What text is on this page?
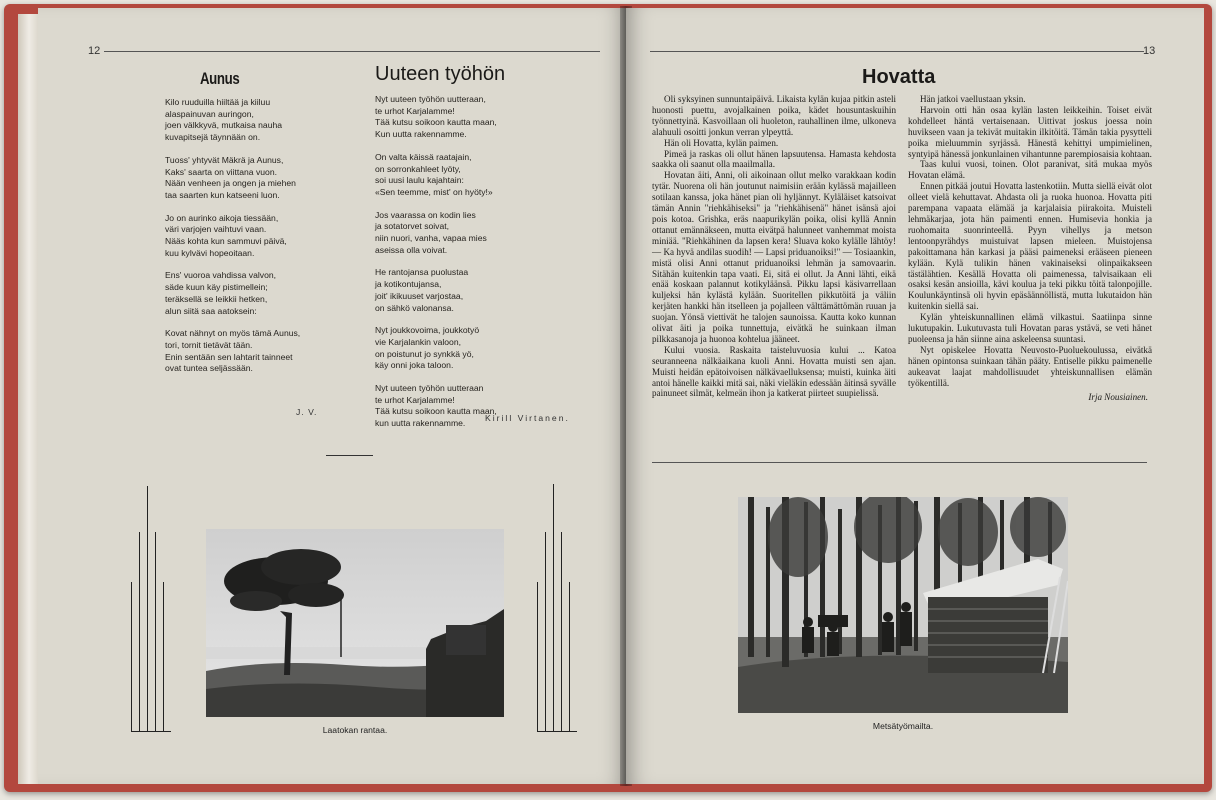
12
Aunus
Kilo ruuduilla hiiltää ja kiiluu
alaspainuvan auringon,
joen välkkyvä, mutkaisa nauha
kuvapitsejä täynnään on.
Tuoss' yhtyvät Mäkrä ja Aunus,
Kaks' saarta on viittana vuon.
Nään venheen ja ongen ja miehen
taa saarten kun katseeni luon.
Jo on aurinko aikoja tiessään,
väri varjojen vaihtuvi vaan.
Nääs kohta kun sammuvi päivä,
kuu kylvävi hopeoitaan.
Ens' vuoroa vahdissa valvon,
säde kuun käy pistimellein;
teräksellä se leikkii hetken,
alun siitä saa aatoksein:
Kovat nähnyt on myös tämä Aunus,
tori, tornit tietävät tään.
Enin sentään sen lahtarit tainneet
ovat tuntea seljässään.
J. V.
Uuteen työhön
Nyt uuteen työhön uutteraan,
te urhot Karjalamme!
Tää kutsu soikoon kautta maan,
Kun uutta rakennamme.
On valta käissä raatajain,
on sorronkahleet lyöty,
soi uusi laulu kajahtain:
«Sen teemme, mist' on hyöty!»
Jos vaarassa on kodin lies
ja sotatorvet soivat,
niin nuori, vanha, vapaa mies
aseissa olla voivat.
He rantojansa puolustaa
ja kotikontujansa,
joit' ikikuuset varjostaa,
on sähkö valonansa.
Nyt joukkovoima, joukkotyö
vie Karjalankin valoon,
on poistunut jo synkkä yö,
käy onni joka taloon.
Nyt uuteen työhön uutteraan
te urhot Karjalamme!
Tää kutsu soikoon kautta maan,
kun uutta rakennamme.
Kirill Virtanen.
Laatokan rantaa.
13
Hovatta

Oli syksyinen sunnuntaipäivä. Likaista kylän kujaa pitkin asteli huonosti puettu, avojalkainen poika, kädet housuntaskuihin työnnettyinä. Kasvoillaan oli huoleton, rauhallinen ilme, ulkoneva alahuuli osoitti jonkun verran ylpeyttä.

Hän oli Hovatta, kylän paimen.

Pimeä ja raskas oli ollut hänen lapsuutensa. Hamasta kehdosta saakka oli saanut olla maailmalla.

Hovatan äiti, Anni, oli aikoinaan ollut melko varakkaan kodin tytär. Nuorena oli hän joutunut naimisiin erään kylässä majailleen sotilaan kanssa, joka hänet pian oli hyljännyt. Kyläläiset katsoivat tämän Annin "riehkähiseksi" ja "riehkähisenä" hänet isänsä ajoi pois kotoa. Grishka, eräs naapurikylän poika, olisi kyllä Annin ottanut emännäkseen, mutta eivätpä halunneet vanhemmat moista miniää. "Riehkähinen da lapsen kera! Sluava koko kylälle lähtöy! — Ka hyvä andilas suodih! — Lapsi priduanoiksi!" — Tosiaankin, mistä olisi Anni ottanut priduanoiksi lehmän ja samovaarin. Sitähän kuitenkin tapa vaati. Ei, sitä ei ollut. Ja Anni lähti, eikä enää koskaan palannut kotikyläänsä. Pikku lapsi käsivarrellaan kuljeksi hän kylästä kylään. Suoritellen pikkutöitä ja väliin kerjäten hankki hän itselleen ja pojalleen välttämättömän ruuan ja suojan. Yönsä viettivät he talojen saunoissa. Kautta koko kunnan olivat äiti ja poika tunnettuja, eivätkä he suinkaan ilman pilkkasanoja ja huonoa kohtelua jääneet.

Kului vuosia. Raskaita taisteluvuosia kului ... Katoa seuranneena nälkäaikana kuoli Anni. Hovatta muisti sen ajan. Muisti heidän epätoivoisen nälkävaelluksensa; muisti, kuinka äiti antoi hänelle kaikki mitä sai, näki vieläkin edessään äitinsä syvälle painuneet silmät, kelmeän ihon ja katkerat piirteet suupielissä.

Hän jatkoi vaellustaan yksin.

Harvoin otti hän osaa kylän lasten leikkeihin. Toiset eivät kohdelleet häntä vertaisenaan. Uittivat joskus joessa noin huvikseen vaan ja tekivät muitakin ilkitöitä. Tämän takia pysytteli poika mieluummin syrjässä. Hänestä kehittyi umpimielinen, syntyipä hänessä jonkunlainen vihantunne parempiosaisia kohtaan.

Taas kului vuosi, toinen. Olot paranivat, sitä mukaa myös Hovatan elämä.

Ennen pitkää joutui Hovatta lastenkotiin. Mutta siellä eivät olot olleet vielä kehuttavat. Ahdasta oli ja ruoka huonoa. Hovatta piti parempana vapaata elämää ja karjalaisia piirakoita. Muisteli lehmäkarjaa, jota hän paimenti ennen. Humisevia honkia ja ruohomaita suonrinteellä. Pyyn vihellys ja metson lentoonpyrähdys muistuivat lapsen mieleen. Muistojensa pakoittamana hän karkasi ja pääsi paimeneksi erääseen pieneen kylään. Kylä tulikin hänen vakinaiseksi olinpaikakseen tästälähtien. Kesällä Hovatta oli paimenessa, talvisaikaan eli osaksi kesän ansioilla, kävi koulua ja teki pikku töitä talonpojille. Koulunkäyntinsä oli hyvin epäsäännöllistä, mutta lukutaidon hän kuitenkin siellä sai.

Kylän yhteiskunnallinen elämä vilkastui. Saatiinpa sinne lukutupakin. Lukutuvasta tuli Hovatan paras ystävä, se veti hänet puoleensa ja hän siinne aina askeleensa suuntasi.

Nyt opiskelee Hovatta Neuvosto-Puoluekoulussa, eivätkä hänen opintonsa suinkaan tähän pääty. Entiselle pikku paimenelle aukeavat laajat mahdollisuudet yhteiskunnallisen elämän työkentillä.

Irja Nousiainen.

Metsätyömailta.
